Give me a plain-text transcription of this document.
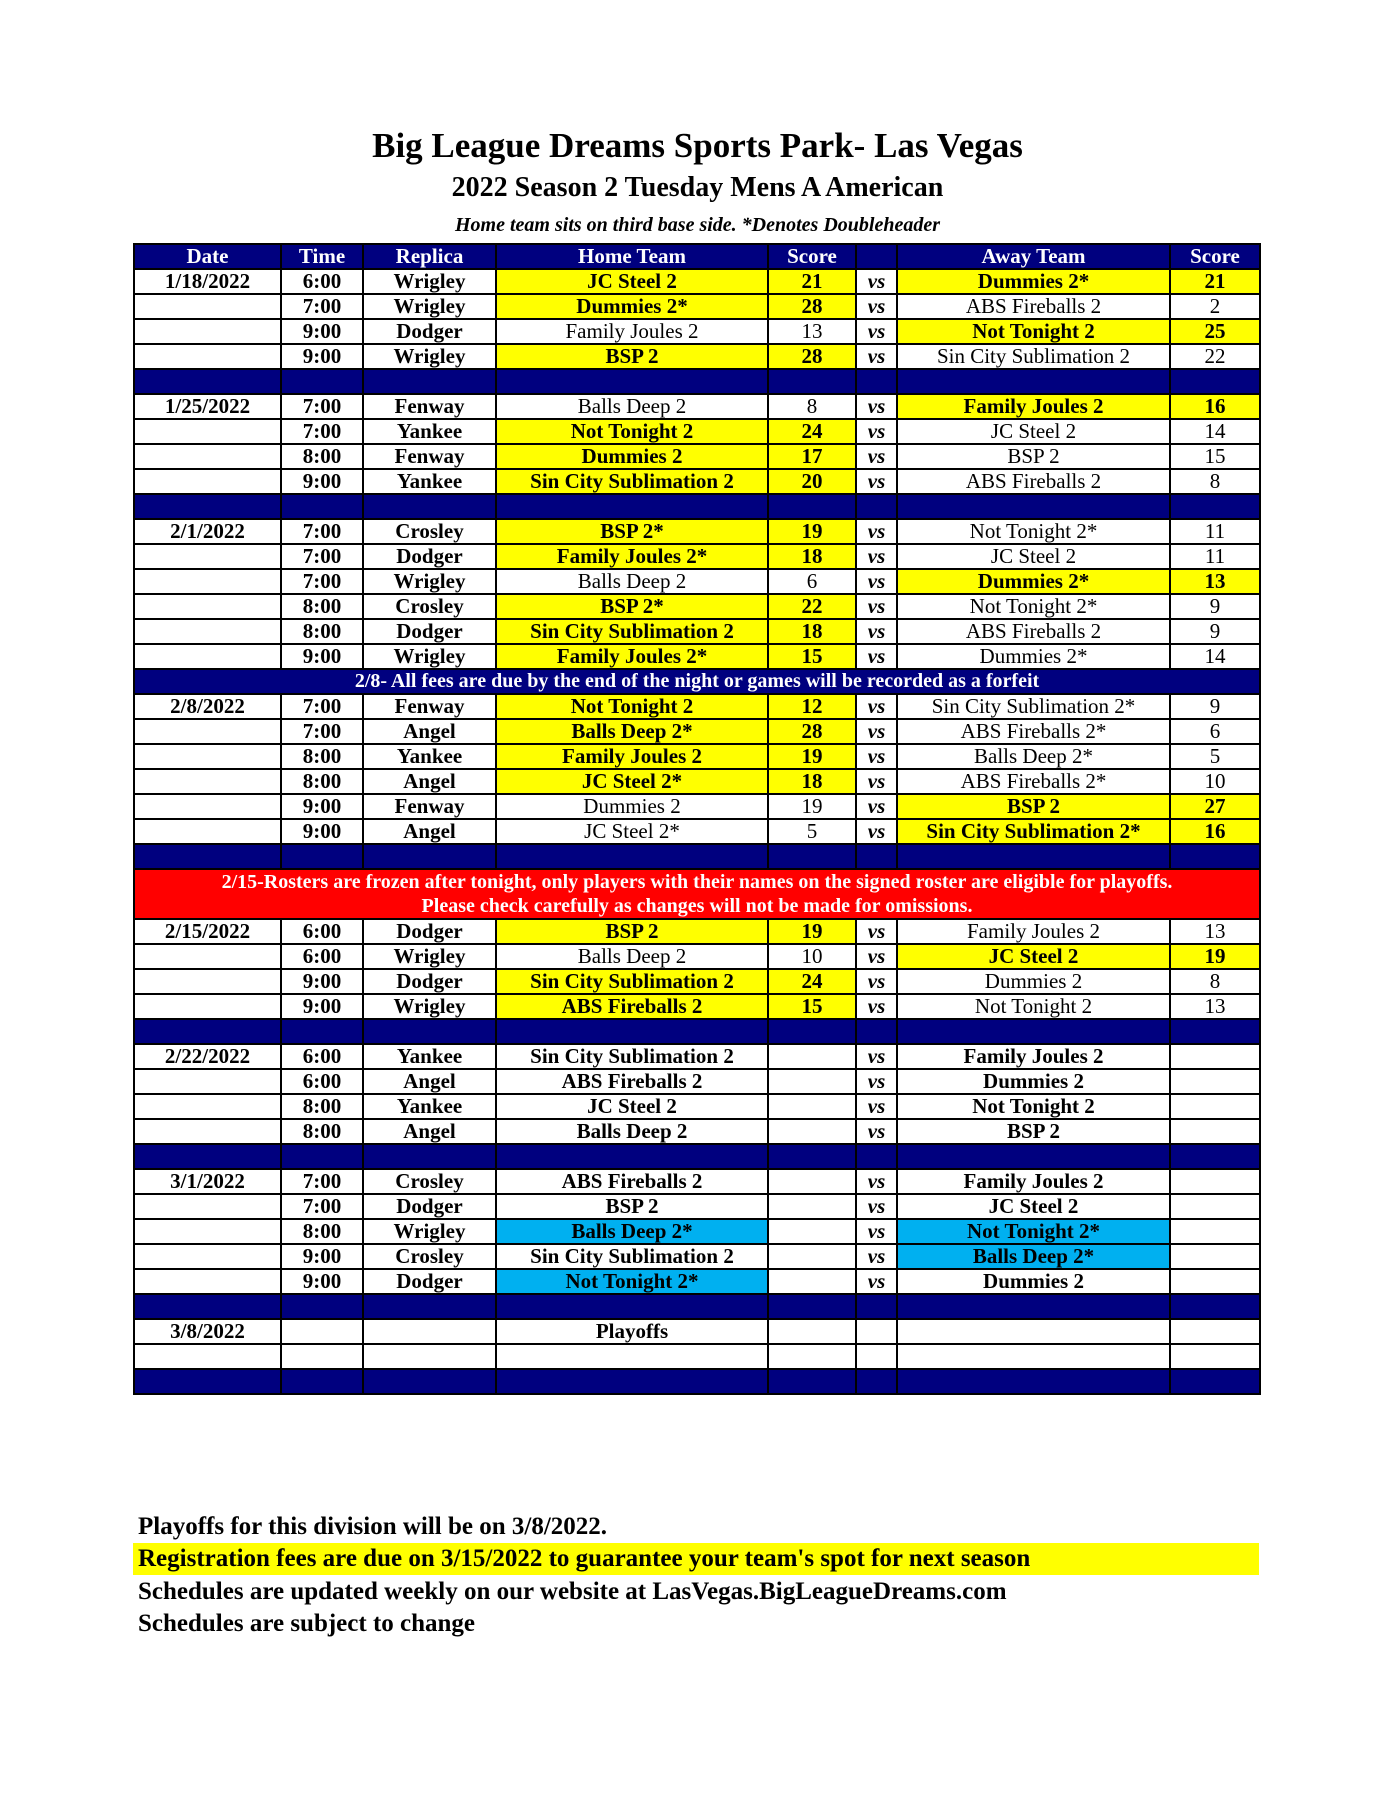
Big League Dreams Sports Park- Las Vegas
2022 Season 2 Tuesday Mens A American
Home team sits on third base side. *Denotes Doubleheader
Date	Time	Replica	Home Team	Score		Away Team	Score
1/18/2022	6:00	Wrigley	JC Steel 2	21	vs	Dummies 2*	21
	7:00	Wrigley	Dummies 2*	28	vs	ABS Fireballs 2	2
	9:00	Dodger	Family Joules 2	13	vs	Not Tonight 2	25
	9:00	Wrigley	BSP 2	28	vs	Sin City Sublimation 2	22

1/25/2022	7:00	Fenway	Balls Deep 2	8	vs	Family Joules 2	16
	7:00	Yankee	Not Tonight 2	24	vs	JC Steel 2	14
	8:00	Fenway	Dummies 2	17	vs	BSP 2	15
	9:00	Yankee	Sin City Sublimation 2	20	vs	ABS Fireballs 2	8

2/1/2022	7:00	Crosley	BSP 2*	19	vs	Not Tonight 2*	11
	7:00	Dodger	Family Joules 2*	18	vs	JC Steel 2	11
	7:00	Wrigley	Balls Deep 2	6	vs	Dummies 2*	13
	8:00	Crosley	BSP 2*	22	vs	Not Tonight 2*	9
	8:00	Dodger	Sin City Sublimation 2	18	vs	ABS Fireballs 2	9
	9:00	Wrigley	Family Joules 2*	15	vs	Dummies 2*	14
2/8- All fees are due by the end of the night or games will be recorded as a forfeit							
2/8/2022	7:00	Fenway	Not Tonight 2	12	vs	Sin City Sublimation 2*	9
	7:00	Angel	Balls Deep 2*	28	vs	ABS Fireballs 2*	6
	8:00	Yankee	Family Joules 2	19	vs	Balls Deep 2*	5
	8:00	Angel	JC Steel 2*	18	vs	ABS Fireballs 2*	10
	9:00	Fenway	Dummies 2	19	vs	BSP 2	27
	9:00	Angel	JC Steel 2*	5	vs	Sin City Sublimation 2*	16

2/15-Rosters are frozen after tonight, only players with their names on the signed roster are eligible for playoffs.
Please check carefully as changes will not be made for omissions.							

2/15/2022	6:00	Dodger	BSP 2	19	vs	Family Joules 2	13
	6:00	Wrigley	Balls Deep 2	10	vs	JC Steel 2	19
	9:00	Dodger	Sin City Sublimation 2	24	vs	Dummies 2	8
	9:00	Wrigley	ABS Fireballs 2	15	vs	Not Tonight 2	13

2/22/2022	6:00	Yankee	Sin City Sublimation 2		vs	Family Joules 2	
	6:00	Angel	ABS Fireballs 2		vs	Dummies 2	
	8:00	Yankee	JC Steel 2		vs	Not Tonight 2	
	8:00	Angel	Balls Deep 2		vs	BSP 2	

3/1/2022	7:00	Crosley	ABS Fireballs 2		vs	Family Joules 2	
	7:00	Dodger	BSP 2		vs	JC Steel 2	
	8:00	Wrigley	Balls Deep 2*		vs	Not Tonight 2*	
	9:00	Crosley	Sin City Sublimation 2		vs	Balls Deep 2*	
	9:00	Dodger	Not Tonight 2*		vs	Dummies 2	

3/8/2022			Playoffs				

Playoffs for this division will be on 3/8/2022.
Registration fees are due on 3/15/2022 to guarantee your team's spot for next season
Schedules are updated weekly on our website at LasVegas.BigLeagueDreams.com
Schedules are subject to change
